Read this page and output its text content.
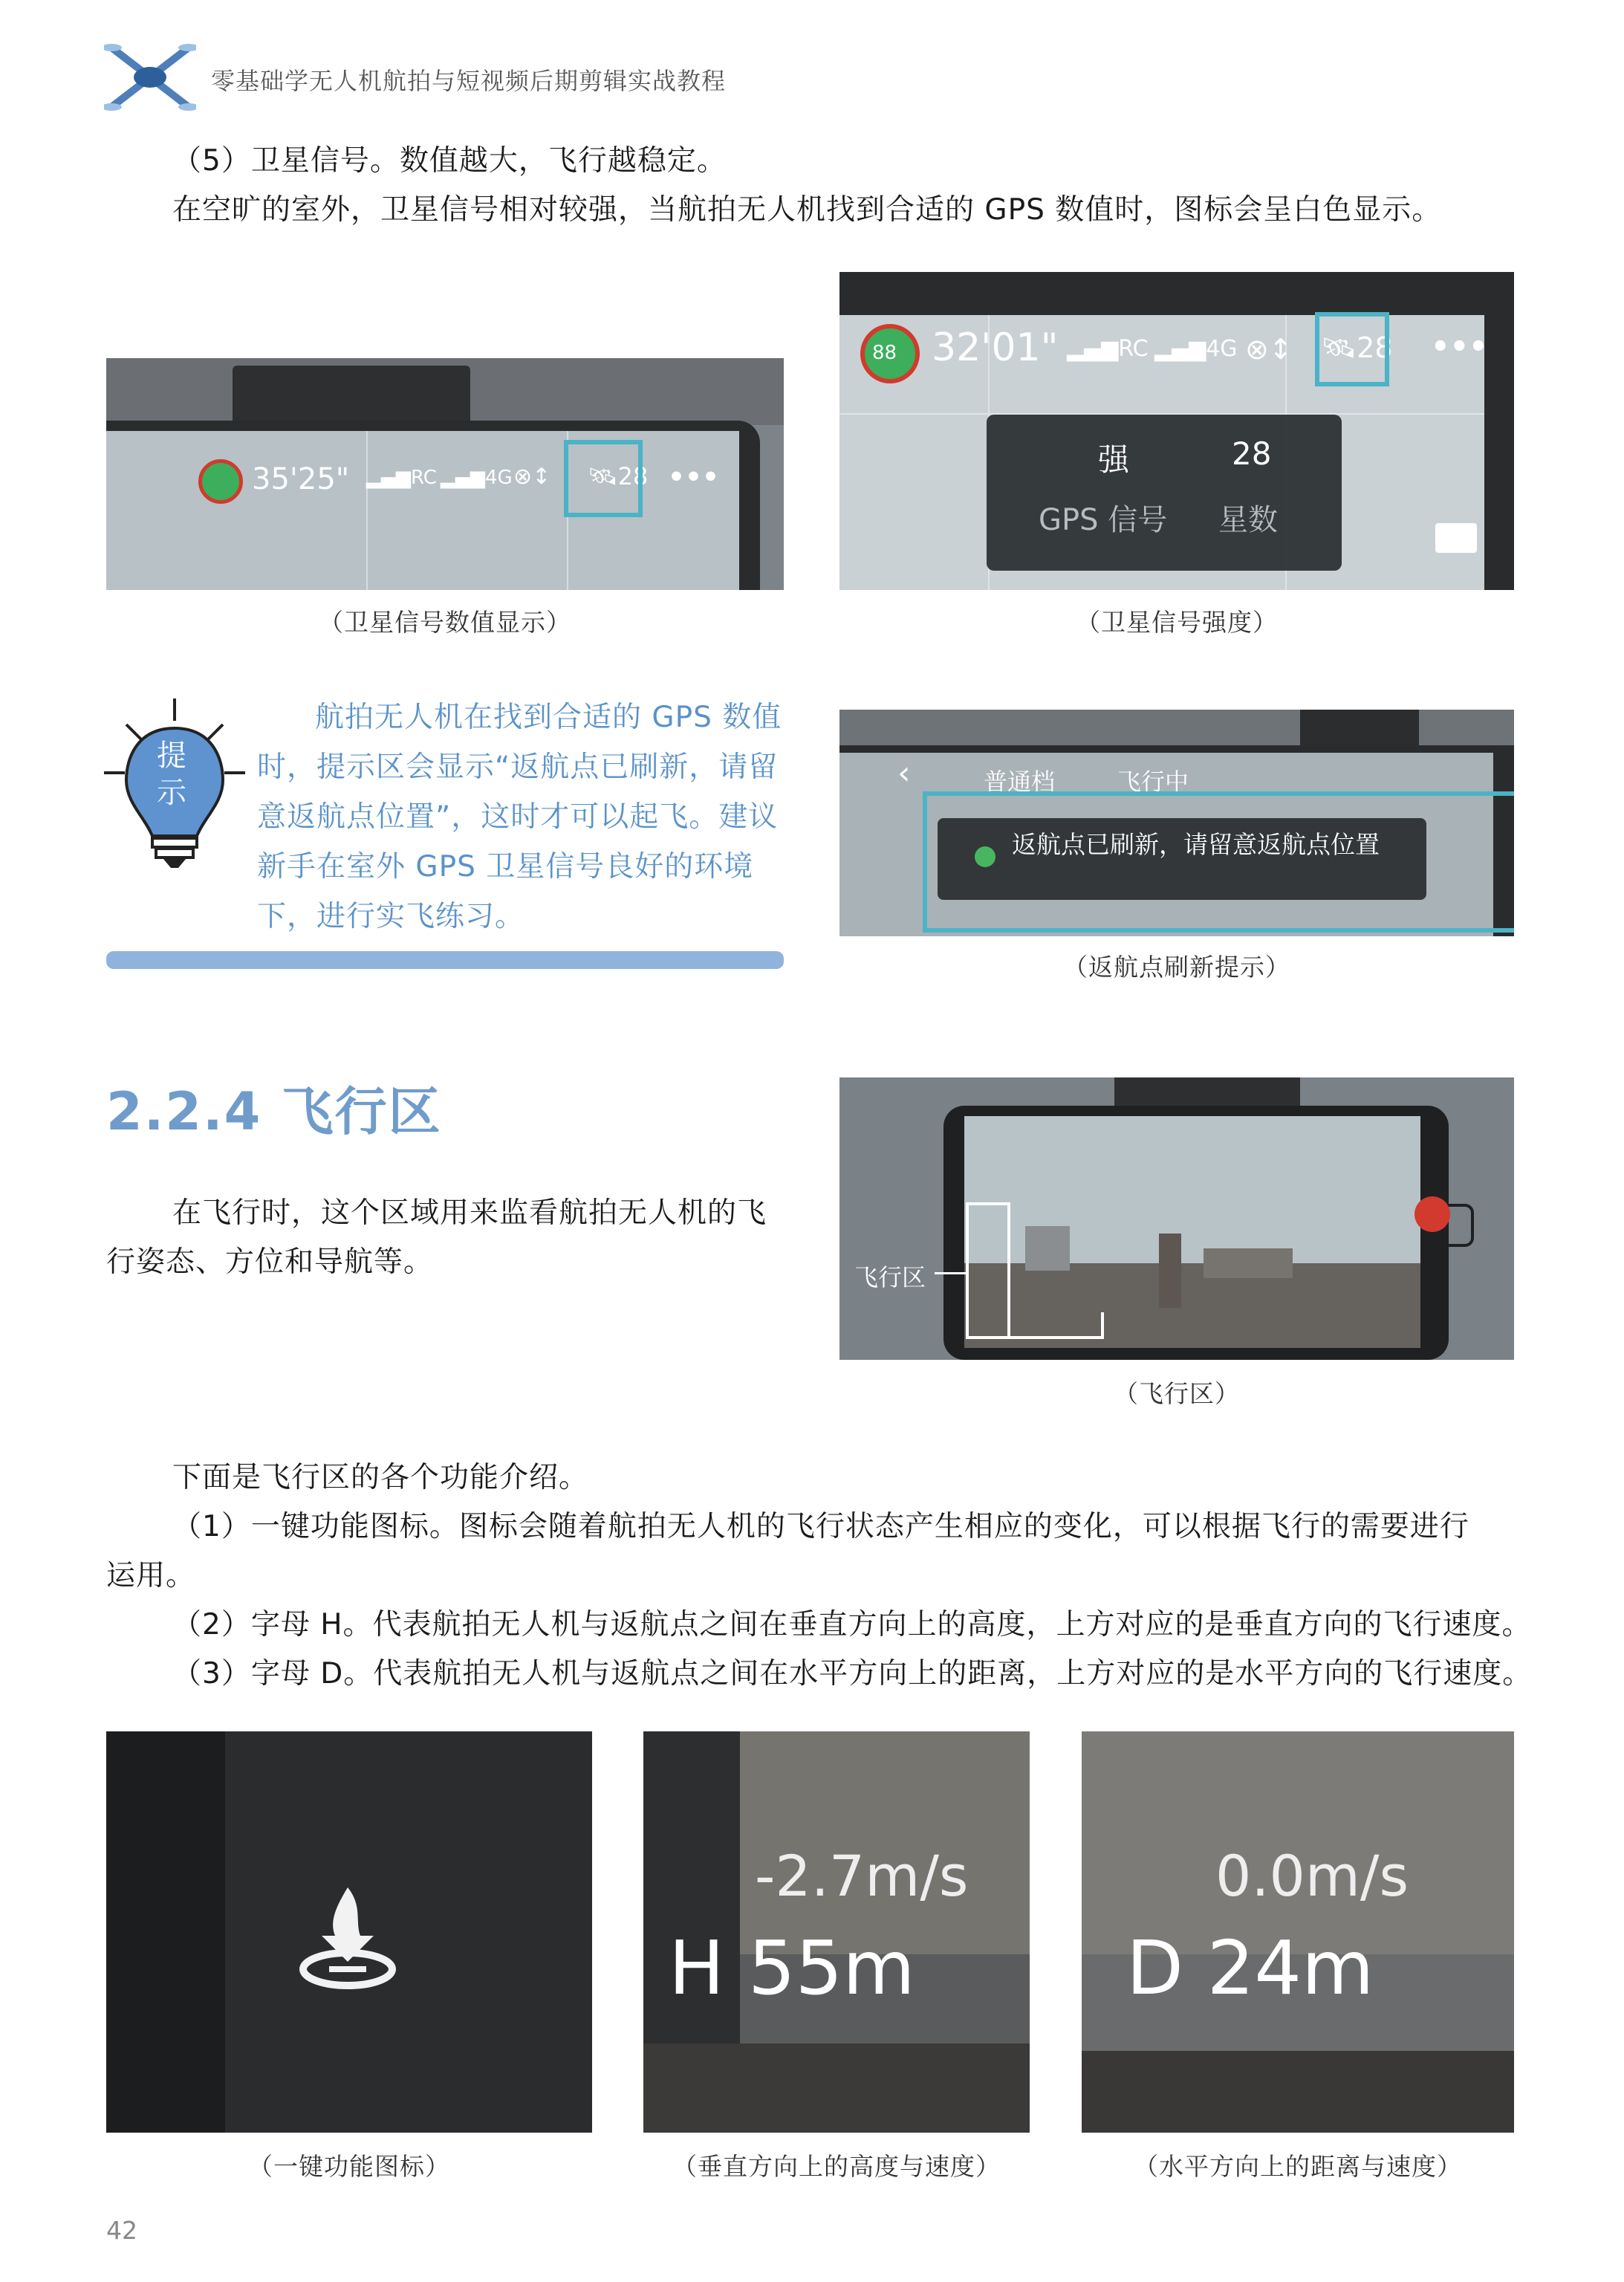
零基础学无人机航拍与短视频后期剪辑实战教程
（5）卫星信号。数值越大，飞行越稳定。
在空旷的室外，卫星信号相对较强，当航拍无人机找到合适的 GPS 数值时，图标会呈白色显示。
35'25" ▂▄▆RC ▂▄▆4G ⊗↕ 🛰28 •••
（卫星信号数值显示）
88 32'01" ▂▄▆RC ▂▄▆4G ⊗↕ 🛰28 •••
强	28
GPS 信号 星数
（卫星信号强度）
提示
航拍无人机在找到合适的 GPS 数值时，提示区会显示“返航点已刷新，请留意返航点位置”，这时才可以起飞。建议新手在室外 GPS 卫星信号良好的环境下，进行实飞练习。
‹	普通档	飞行中
返航点已刷新，请留意返航点位置
（返航点刷新提示）
2.2.4 飞行区
在飞行时，这个区域用来监看航拍无人机的飞
行姿态、方位和导航等。	飞行区
（飞行区）
下面是飞行区的各个功能介绍。
（1）一键功能图标。图标会随着航拍无人机的飞行状态产生相应的变化，可以根据飞行的需要进行
运用。
（2）字母 H。代表航拍无人机与返航点之间在垂直方向上的高度，上方对应的是垂直方向的飞行速度。
（3）字母 D。代表航拍无人机与返航点之间在水平方向上的距离，上方对应的是水平方向的飞行速度。
（一键功能图标）
-2.7m/s
H 55m
（垂直方向上的高度与速度）
0.0m/s
D 24m
（水平方向上的距离与速度）
42
